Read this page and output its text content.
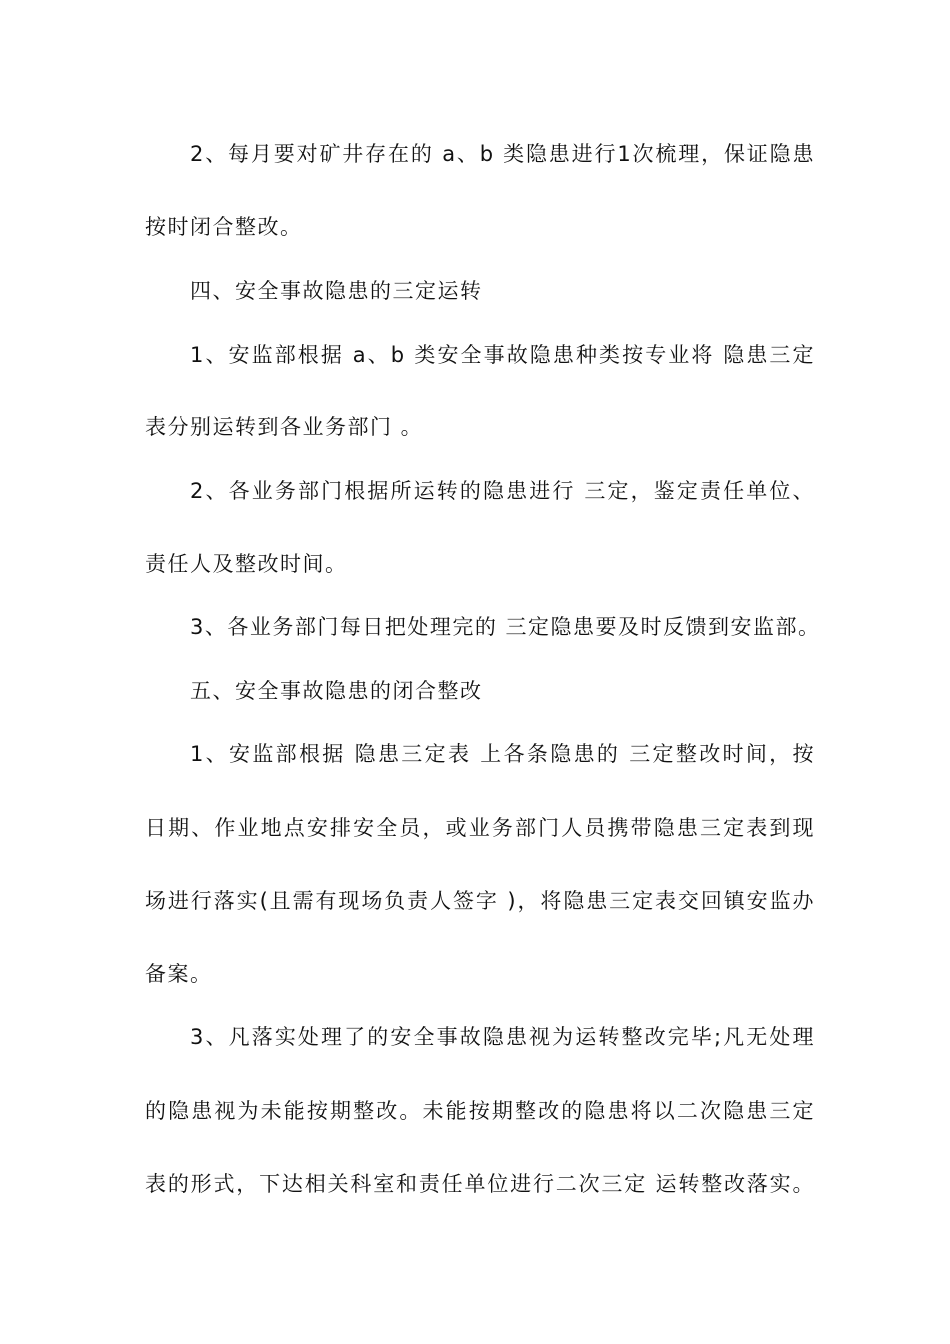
2、每月要对矿井存在的 a、b 类隐患进行1次梳理，保证隐患
按时闭合整改。
四、安全事故隐患的三定运转
1、安监部根据 a、b 类安全事故隐患种类按专业将 隐患三定
表分别运转到各业务部门 。
2、各业务部门根据所运转的隐患进行 三定，鉴定责任单位、
责任人及整改时间。
3、各业务部门每日把处理完的 三定隐患要及时反馈到安监部。
五、安全事故隐患的闭合整改
1、安监部根据 隐患三定表 上各条隐患的 三定整改时间，按
日期、作业地点安排安全员，或业务部门人员携带隐患三定表到现
场进行落实(且需有现场负责人签字 )，将隐患三定表交回镇安监办
备案。
3、凡落实处理了的安全事故隐患视为运转整改完毕;凡无处理
的隐患视为未能按期整改。未能按期整改的隐患将以二次隐患三定
表的形式，下达相关科室和责任单位进行二次三定 运转整改落实。
